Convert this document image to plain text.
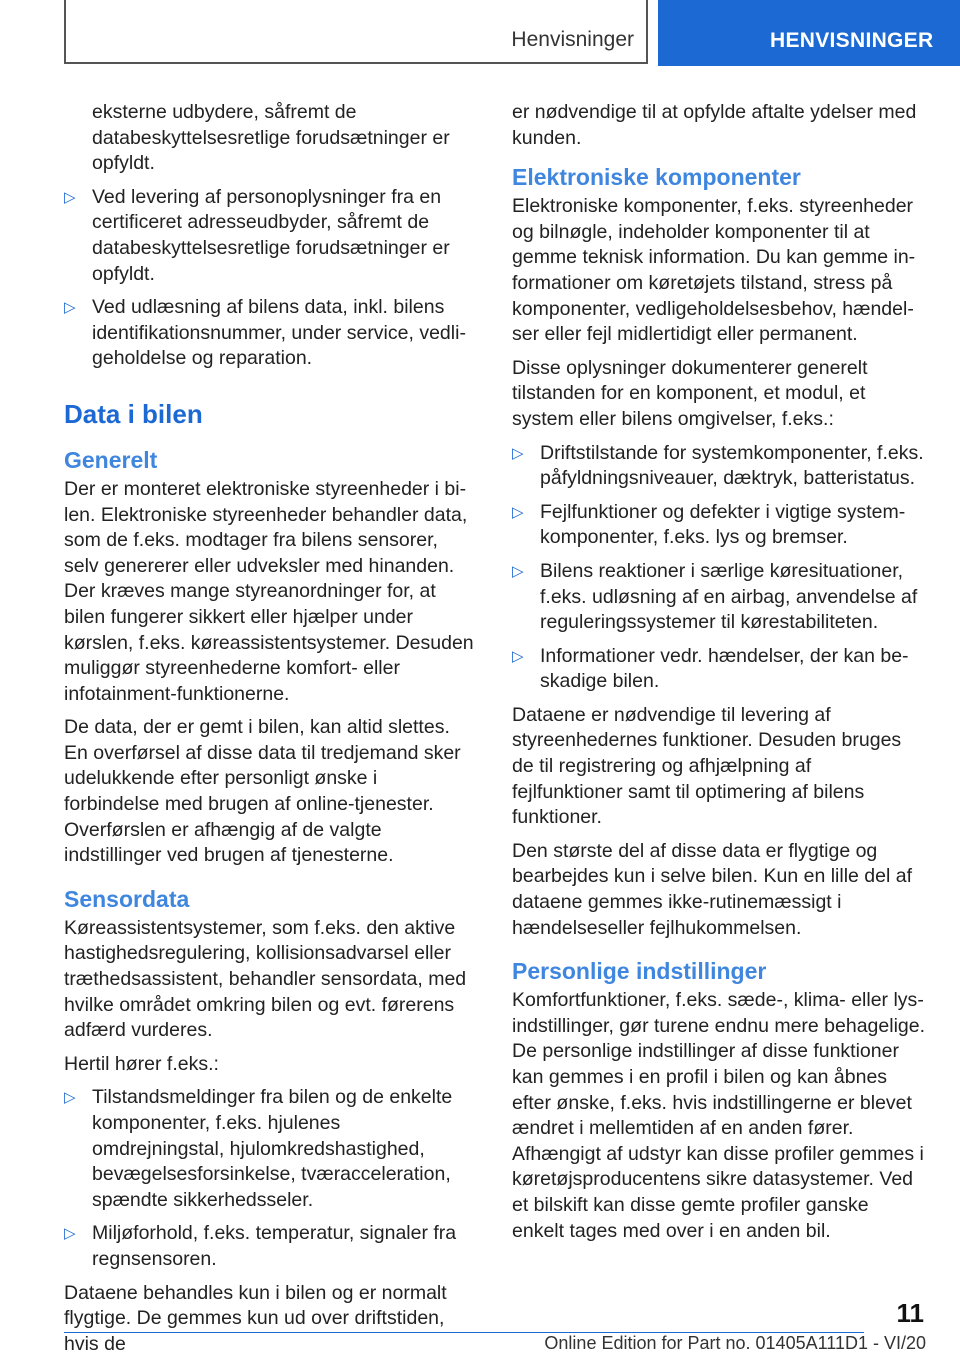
Henvisninger	HENVISNINGER

eksterne udbydere, såfremt de databeskyttelsesretlige forudsætninger er opfyldt.

▷ Ved levering af personoplysninger fra en certificeret adresseudbyder, såfremt de databeskyttelsesretlige forudsætninger er opfyldt.
▷ Ved udlæsning af bilens data, inkl. bilens identifikationsnummer, under service, vedligeholdelse og reparation.
Data i bilen
Generelt

Der er monteret elektroniske styreenheder i bilen. Elektroniske styreenheder behandler data, som de f.eks. modtager fra bilens sensorer, selv genererer eller udveksler med hinanden. Der kræves mange styreanordninger for, at bilen fungerer sikkert eller hjælper under kørslen, f.eks. køreassistentsystemer. Desuden muliggør styreenhederne komfort- eller infotainment-funktionerne.

De data, der er gemt i bilen, kan altid slettes. En overførsel af disse data til tredjemand sker udelukkende efter personligt ønske i forbindelse med brugen af online-tjenester. Overførslen er afhængig af de valgte indstillinger ved brugen af tjenesterne.

Sensordata

Køreassistentsystemer, som f.eks. den aktive hastighedsregulering, kollisionsadvarsel eller træthedsassistent, behandler sensordata, med hvilke området omkring bilen og evt. førerens adfærd vurderes.

Hertil hører f.eks.:

▷ Tilstandsmeldinger fra bilen og de enkelte komponenter, f.eks. hjulenes omdrejningstal, hjulomkredshastighed, bevægelsesforsinkelse, tværacceleration, spændte sikkerhedsseler.
▷ Miljøforhold, f.eks. temperatur, signaler fra regnsensoren.

Dataene behandles kun i bilen og er normalt flygtige. De gemmes kun ud over driftstiden, hvis de

er nødvendige til at opfylde aftalte ydelser med kunden.

Elektroniske komponenter

Elektroniske komponenter, f.eks. styreenheder og bilnøgle, indeholder komponenter til at gemme teknisk information. Du kan gemme informationer om køretøjets tilstand, stress på komponenter, vedligeholdelsesbehov, hændelser eller fejl midlertidigt eller permanent.

Disse oplysninger dokumenterer generelt tilstanden for en komponent, et modul, et system eller bilens omgivelser, f.eks.:

▷ Driftstilstande for systemkomponenter, f.eks. påfyldningsniveauer, dæktryk, batteristatus.
▷ Fejlfunktioner og defekter i vigtige systemkomponenter, f.eks. lys og bremser.
▷ Bilens reaktioner i særlige køresituationer, f.eks. udløsning af en airbag, anvendelse af reguleringssystemer til kørestabiliteten.
▷ Informationer vedr. hændelser, der kan beskadige bilen.

Dataene er nødvendige til levering af styreenhedernes funktioner. Desuden bruges de til registrering og afhjælpning af fejlfunktioner samt til optimering af bilens funktioner.

Den største del af disse data er flygtige og bearbejdes kun i selve bilen. Kun en lille del af dataene gemmes ikke-rutinemæssigt i hændelseseller fejlhukommelsen.

Personlige indstillinger

Komfortfunktioner, f.eks. sæde-, klima- eller lysindstillinger, gør turene endnu mere behagelige. De personlige indstillinger af disse funktioner kan gemmes i en profil i bilen og kan åbnes efter ønske, f.eks. hvis indstillingerne er blevet ændret i mellemtiden af en anden fører. Afhængigt af udstyr kan disse profiler gemmes i køretøjsproducentens sikre datasystemer. Ved et bilskift kan disse gemte profiler ganske enkelt tages med over i en anden bil.

11
Online Edition for Part no. 01405A111D1 - VI/20
